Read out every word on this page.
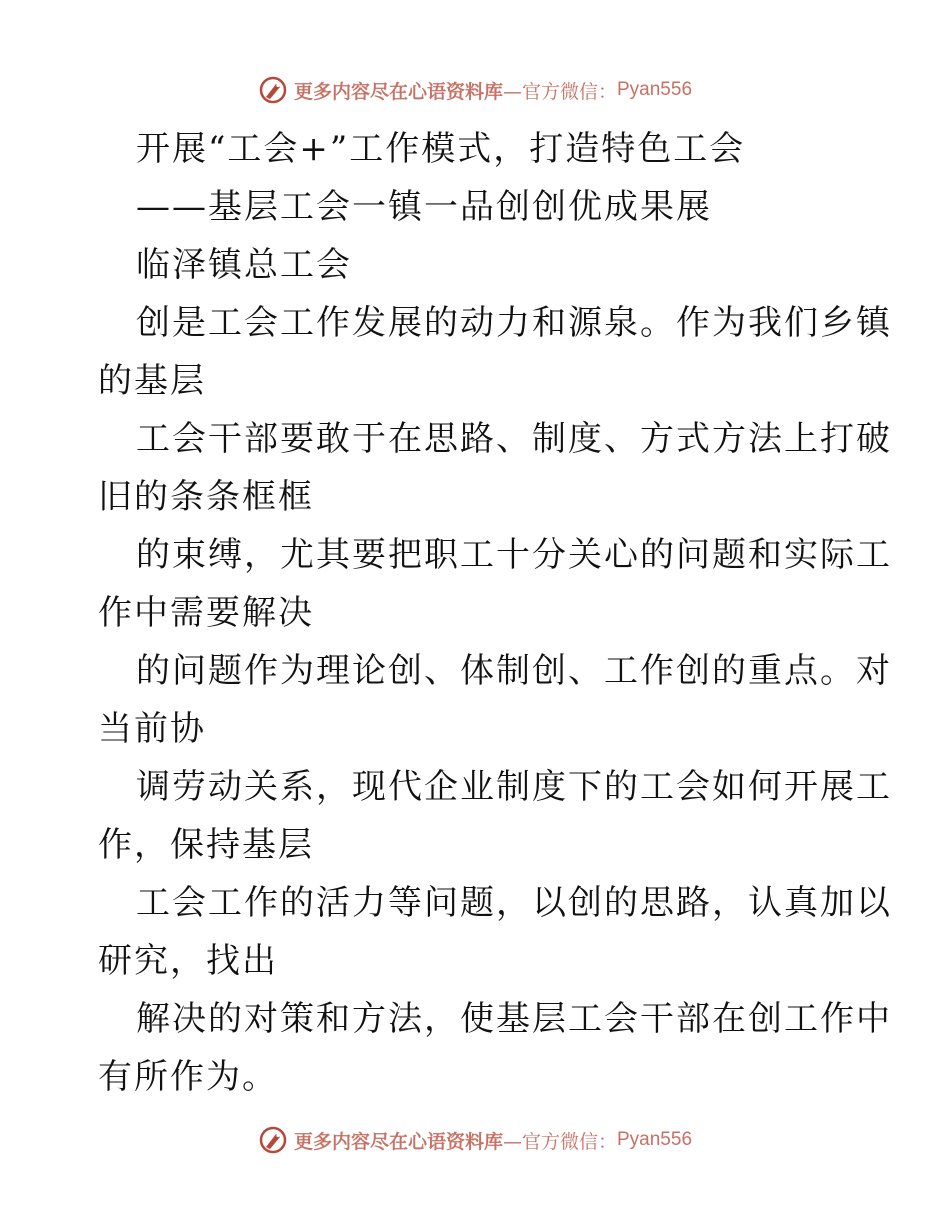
更多内容尽在心语资料库 —官方微信： Pyan556
开展“工会+”工作模式，打造特色工会
——基层工会一镇一品创创优成果展
临泽镇总工会
创是工会工作发展的动力和源泉。作为我们乡镇
的基层
工会干部要敢于在思路、制度、方式方法上打破
旧的条条框框
的束缚，尤其要把职工十分关心的问题和实际工
作中需要解决
的问题作为理论创、体制创、工作创的重点。对
当前协
调劳动关系，现代企业制度下的工会如何开展工
作，保持基层
工会工作的活力等问题，以创的思路，认真加以
研究，找出
解决的对策和方法，使基层工会干部在创工作中
有所作为。
更多内容尽在心语资料库 —官方微信： Pyan556
